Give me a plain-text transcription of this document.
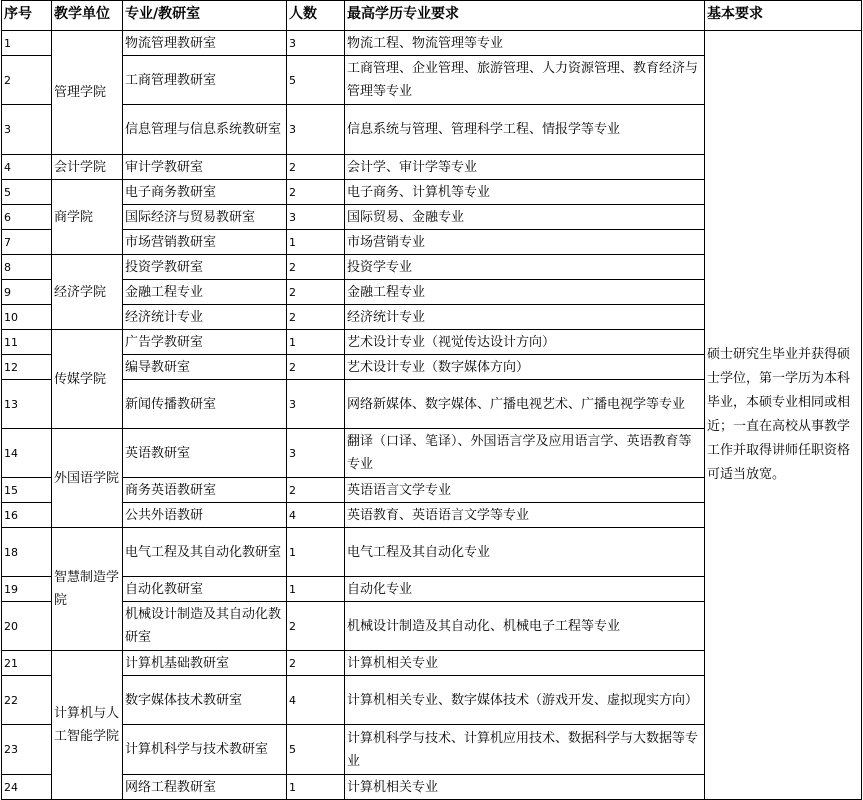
序号	教学单位	专业/教研室	人数	最高学历专业要求	基本要求
1	管理学院	物流管理教研室	3	物流工程、物流管理等专业	硕士研究生毕业并获得硕士学位，第一学历为本科毕业，本硕专业相同或相近；一直在高校从事教学工作并取得讲师任职资格可适当放宽。
2		工商管理教研室	5	工商管理、企业管理、旅游管理、人力资源管理、教育经济与管理等专业	
3		信息管理与信息系统教研室	3	信息系统与管理、管理科学工程、情报学等专业	
4	会计学院	审计学教研室	2	会计学、审计学等专业	
5	商学院	电子商务教研室	2	电子商务、计算机等专业	
6		国际经济与贸易教研室	3	国际贸易、金融专业	
7		市场营销教研室	1	市场营销专业	
8	经济学院	投资学教研室	2	投资学专业	
9		金融工程专业	2	金融工程专业	
10		经济统计专业	2	经济统计专业	
11	传媒学院	广告学教研室	1	艺术设计专业（视觉传达设计方向）	
12		编导教研室	2	艺术设计专业（数字媒体方向）	
13		新闻传播教研室	3	网络新媒体、数字媒体、广播电视艺术、广播电视学等专业	
14	外国语学院	英语教研室	3	翻译（口译、笔译）、外国语言学及应用语言学、英语教育等专业	
15		商务英语教研室	2	英语语言文学专业	
16		公共外语教研	4	英语教育、英语语言文学等专业	
18	智慧制造学院	电气工程及其自动化教研室	1	电气工程及其自动化专业	
19		自动化教研室	1	自动化专业	
20		机械设计制造及其自动化教研室	2	机械设计制造及其自动化、机械电子工程等专业	
21	计算机与人工智能学院	计算机基础教研室	2	计算机相关专业	
22		数字媒体技术教研室	4	计算机相关专业、数字媒体技术（游戏开发、虚拟现实方向）	
23		计算机科学与技术教研室	5	计算机科学与技术、计算机应用技术、数据科学与大数据等专业	
24		网络工程教研室	1	计算机相关专业	
